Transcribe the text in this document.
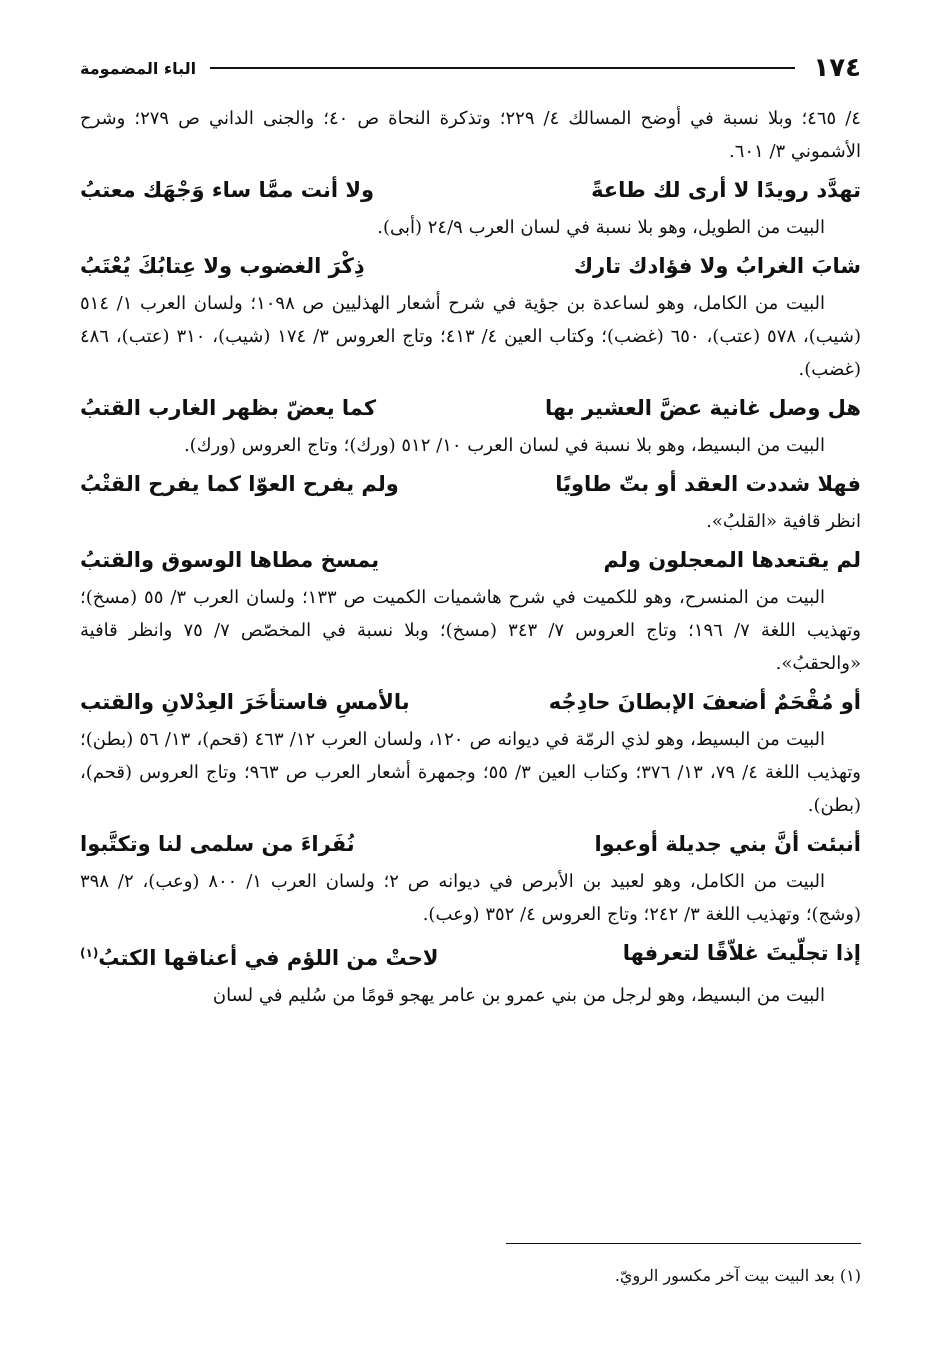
١٧٤
الباء المضمومة

٤/ ٤٦٥؛ وبلا نسبة في أوضح المسالك ٤/ ٢٢٩؛ وتذكرة النحاة ص ٤٠؛ والجنى الداني ص ٢٧٩؛ وشرح الأشموني ٣/ ٦٠١.

تهدَّد رويدًا لا أرى لك طاعةً
ولا أنت ممَّا ساء وَجْهَك معتبُ

البيت من الطويل، وهو بلا نسبة في لسان العرب ٢٤/٩ (أبى).

شابَ الغرابُ ولا فؤادك تارك
ذِكْرَ الغضوب ولا عِتابُكَ يُعْتَبُ

البيت من الكامل، وهو لساعدة بن جؤية في شرح أشعار الهذليين ص ١٠٩٨؛ ولسان العرب ١/ ٥١٤ (شيب)، ٥٧٨ (عتب)، ٦٥٠ (غضب)؛ وكتاب العين ٤/ ٤١٣؛ وتاج العروس ٣/ ١٧٤ (شيب)، ٣١٠ (عتب)، ٤٨٦ (غضب).

هل وصل غانية عضَّ العشير بها
كما يعضّ بظهر الغارب القتبُ

البيت من البسيط، وهو بلا نسبة في لسان العرب ١٠/ ٥١٢ (ورك)؛ وتاج العروس (ورك).

فهلا شددت العقد أو بتّ طاويًا
ولم يفرح العوّا كما يفرح القتْبُ

انظر قافية «القلبُ».

لم يقتعدها المعجلون ولم
يمسخ مطاها الوسوق والقتبُ

البيت من المنسرح، وهو للكميت في شرح هاشميات الكميت ص ١٣٣؛ ولسان العرب ٣/ ٥٥ (مسخ)؛ وتهذيب اللغة ٧/ ١٩٦؛ وتاج العروس ٧/ ٣٤٣ (مسخ)؛ وبلا نسبة في المخصّص ٧/ ٧٥ وانظر قافية «والحقبُ».

أو مُقْحَمٌ أضعفَ الإبطانَ حادِجُه
بالأمسِ فاستأخَرَ العِدْلانِ والقتب

البيت من البسيط، وهو لذي الرمّة في ديوانه ص ١٢٠، ولسان العرب ١٢/ ٤٦٣ (قحم)، ١٣/ ٥٦ (بطن)؛ وتهذيب اللغة ٤/ ٧٩، ١٣/ ٣٧٦؛ وكتاب العين ٣/ ٥٥؛ وجمهرة أشعار العرب ص ٩٦٣؛ وتاج العروس (قحم)، (بطن).

أنبئت أنَّ بني جديلة أوعبوا
نُفَراءَ من سلمى لنا وتكتَّبوا

البيت من الكامل، وهو لعبيد بن الأبرص في ديوانه ص ٢؛ ولسان العرب ١/ ٨٠٠ (وعب)، ٢/ ٣٩٨ (وشج)؛ وتهذيب اللغة ٣/ ٢٤٢؛ وتاج العروس ٤/ ٣٥٢ (وعب).

إذا تجلّيتَ غلاّقًا لتعرفها
لاحتْ من اللؤم في أعناقها الكتبُ$^{(١)}$

البيت من البسيط، وهو لرجل من بني عمرو بن عامر يهجو قومًا من سُليم في لسان

(١) بعد البيت بيت آخر مكسور الرويّ.
